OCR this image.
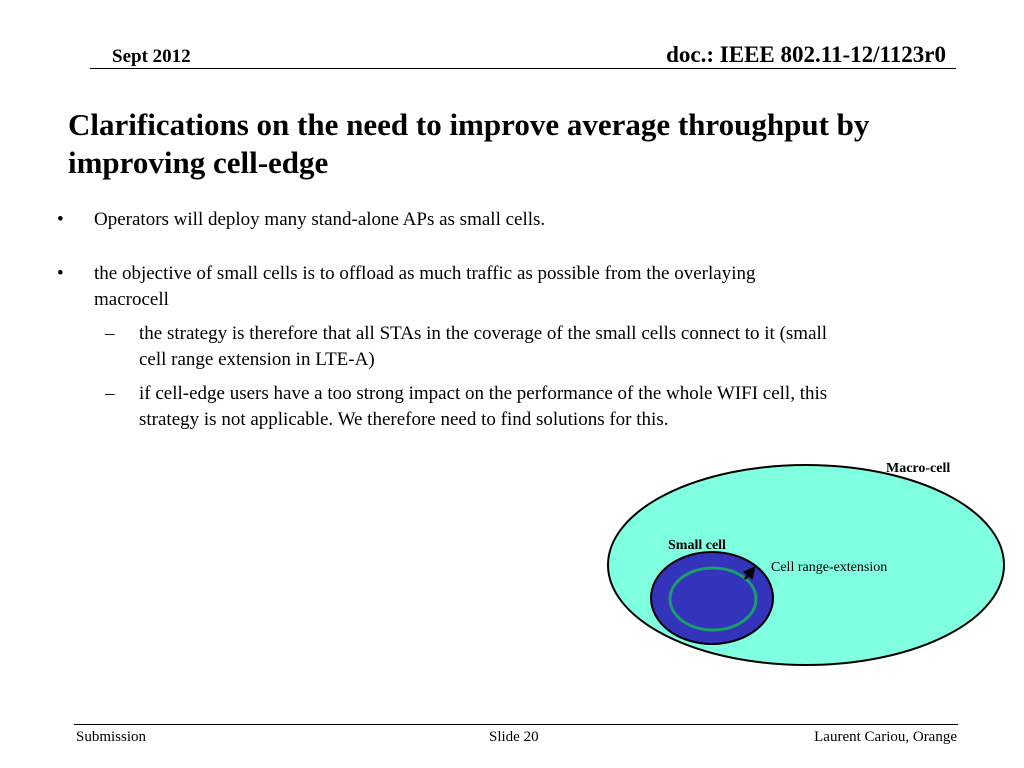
Sept 2012	doc.: IEEE 802.11-12/1123r0
Clarifications on the need to improve average throughput by improving cell-edge
• Operators will deploy many stand-alone APs as small cells.
• the objective of small cells is to offload as much traffic as possible from the overlaying macrocell
– the strategy is therefore that all STAs in the coverage of the small cells connect to it (small cell range extension in LTE-A)
– if cell-edge users have a too strong impact on the performance of the whole WIFI cell, this strategy is not applicable. We therefore need to find solutions for this.
Macro-cell
Small cell
Cell range-extension
Submission	Slide 20	Laurent Cariou, Orange
